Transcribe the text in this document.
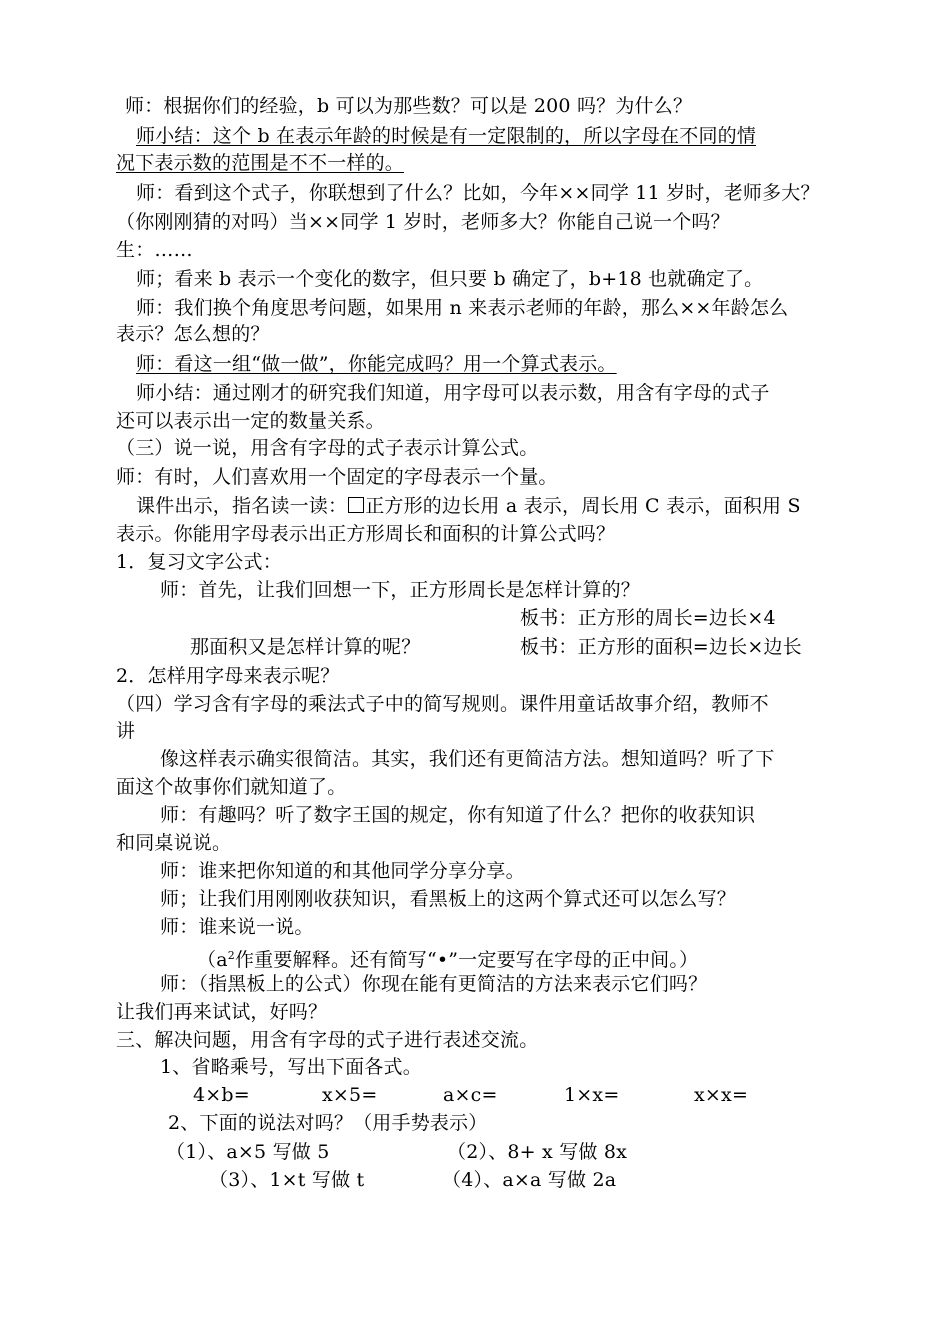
师：根据你们的经验，b 可以为那些数？可以是 200 吗？为什么？
师小结：这个 b 在表示年龄的时候是有一定限制的，所以字母在不同的情
况下表示数的范围是不不一样的。
师：看到这个式子，你联想到了什么？比如，今年××同学 11 岁时，老师多大？
（你刚刚猜的对吗）当××同学 1 岁时，老师多大？你能自己说一个吗？
生：……
师；看来 b 表示一个变化的数字，但只要 b 确定了，b+18 也就确定了。
师：我们换个角度思考问题，如果用 n 来表示老师的年龄，那么××年龄怎么
表示？怎么想的？
师：看这一组“做一做”，你能完成吗？用一个算式表示。
师小结：通过刚才的研究我们知道，用字母可以表示数，用含有字母的式子
还可以表示出一定的数量关系。
（三）说一说，用含有字母的式子表示计算公式。
师：有时，人们喜欢用一个固定的字母表示一个量。
课件出示，指名读一读： 正方形的边长用 a 表示，周长用 C 表示，面积用 S
表示。你能用字母表示出正方形周长和面积的计算公式吗？
1．复习文字公式：
师：首先，让我们回想一下，正方形周长是怎样计算的？
板书：正方形的周长=边长×4
那面积又是怎样计算的呢？	板书：正方形的面积=边长×边长
2．怎样用字母来表示呢？
（四）学习含有字母的乘法式子中的简写规则。课件用童话故事介绍，教师不
讲
像这样表示确实很简洁。其实，我们还有更简洁方法。想知道吗？听了下
面这个故事你们就知道了。
师：有趣吗？听了数字王国的规定，你有知道了什么？把你的收获知识
和同桌说说。
师：谁来把你知道的和其他同学分享分享。
师；让我们用刚刚收获知识，看黑板上的这两个算式还可以怎么写？
师：谁来说一说。
（$a^2$作重要解释。还有简写“•”一定要写在字母的正中间。）
师：（指黑板上的公式）你现在能有更简洁的方法来表示它们吗？
让我们再来试试，好吗？
三、解决问题，用含有字母的式子进行表述交流。
1、省略乘号，写出下面各式。
4×b=	x×5=	a×c=	1×x=	x×x=
2、下面的说法对吗？（用手势表示）
（1）、a×5 写做 5	（2）、8+ x 写做 8x
（3）、1×t 写做 t	（4）、a×a 写做 2a
